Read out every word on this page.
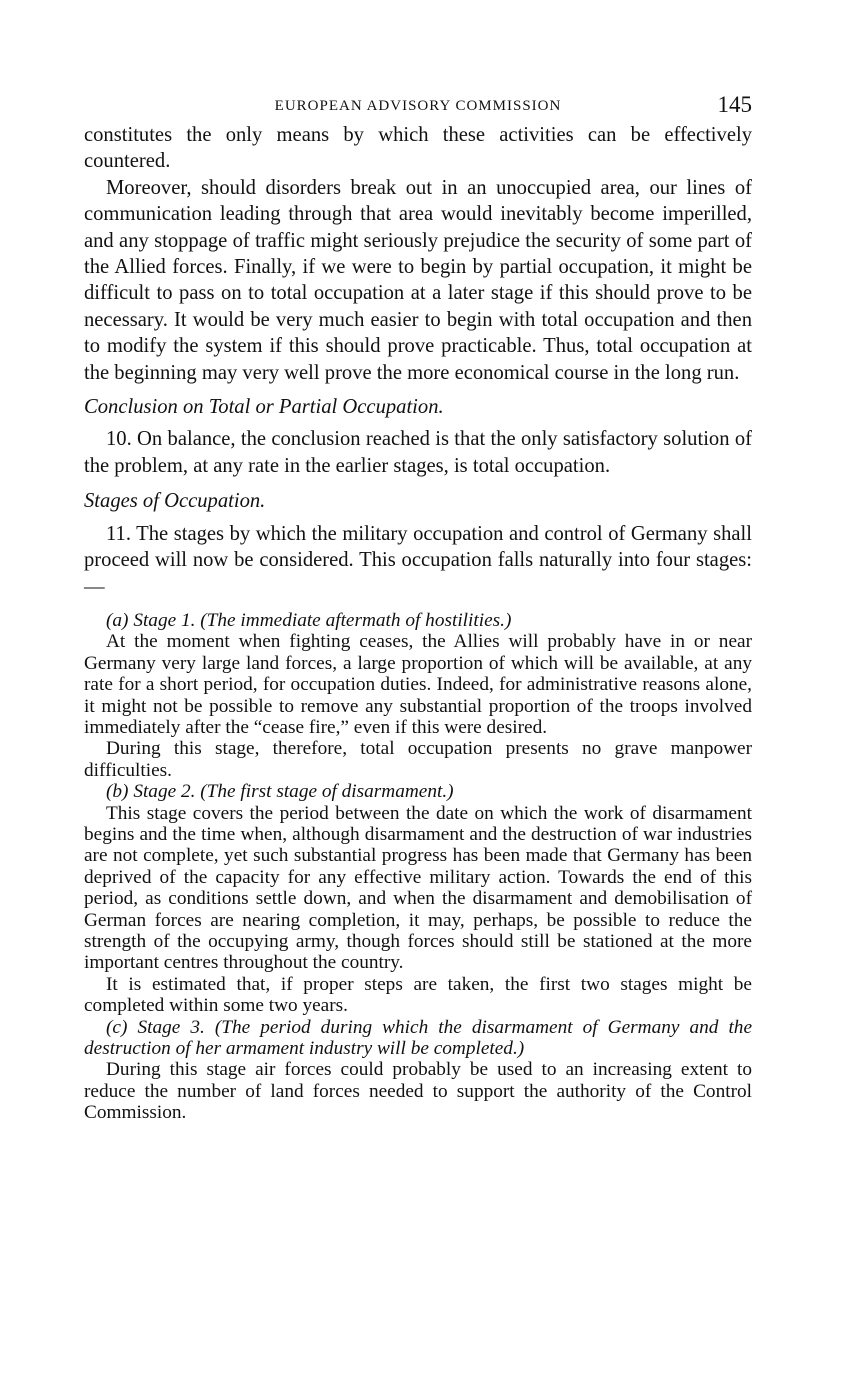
EUROPEAN ADVISORY COMMISSION	145

constitutes the only means by which these activities can be effectively countered.

Moreover, should disorders break out in an unoccupied area, our lines of communication leading through that area would inevitably become imperilled, and any stoppage of traffic might seriously prejudice the security of some part of the Allied forces. Finally, if we were to begin by partial occupation, it might be difficult to pass on to total occupation at a later stage if this should prove to be necessary. It would be very much easier to begin with total occupation and then to modify the system if this should prove practicable. Thus, total occupation at the beginning may very well prove the more economical course in the long run.

Conclusion on Total or Partial Occupation.

10. On balance, the conclusion reached is that the only satisfactory solution of the problem, at any rate in the earlier stages, is total occupation.

Stages of Occupation.

11. The stages by which the military occupation and control of Germany shall proceed will now be considered. This occupation falls naturally into four stages:—

(a) Stage 1. (The immediate aftermath of hostilities.)

At the moment when fighting ceases, the Allies will probably have in or near Germany very large land forces, a large proportion of which will be available, at any rate for a short period, for occupation duties. Indeed, for administrative reasons alone, it might not be possible to remove any substantial proportion of the troops involved immediately after the “cease fire,” even if this were desired.

During this stage, therefore, total occupation presents no grave manpower difficulties.

(b) Stage 2. (The first stage of disarmament.)

This stage covers the period between the date on which the work of disarmament begins and the time when, although disarmament and the destruction of war industries are not complete, yet such substantial progress has been made that Germany has been deprived of the capacity for any effective military action. Towards the end of this period, as conditions settle down, and when the disarmament and demobilisation of German forces are nearing completion, it may, perhaps, be possible to reduce the strength of the occupying army, though forces should still be stationed at the more important centres throughout the country.

It is estimated that, if proper steps are taken, the first two stages might be completed within some two years.

(c) Stage 3. (The period during which the disarmament of Germany and the destruction of her armament industry will be completed.)

During this stage air forces could probably be used to an increasing extent to reduce the number of land forces needed to support the authority of the Control Commission.
